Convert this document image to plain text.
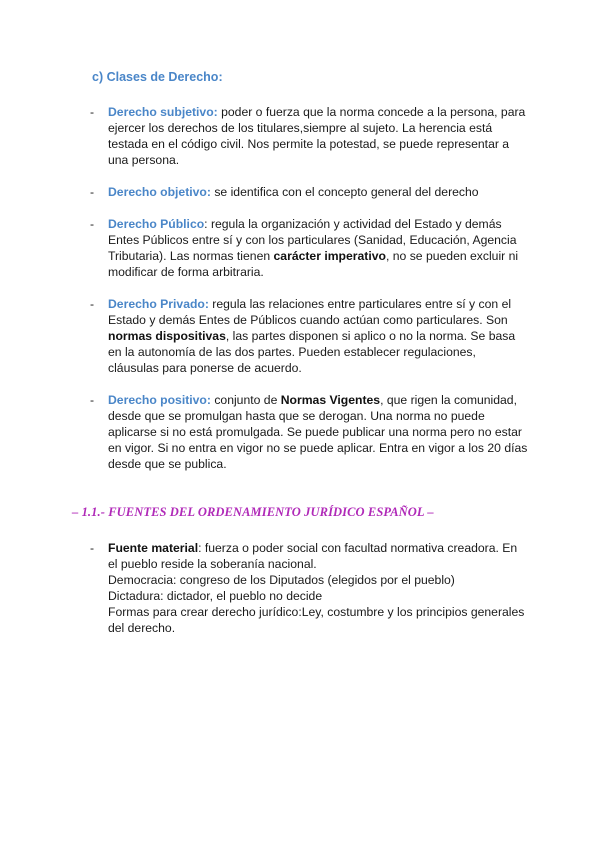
c) Clases de Derecho:
- Derecho subjetivo: poder o fuerza que la norma concede a la persona, para ejercer los derechos de los titulares,siempre al sujeto. La herencia está testada en el código civil. Nos permite la potestad, se puede representar a una persona.
- Derecho objetivo: se identifica con el concepto general del derecho
- Derecho Público: regula la organización y actividad del Estado y demás Entes Públicos entre sí y con los particulares (Sanidad, Educación, Agencia Tributaria). Las normas tienen carácter imperativo, no se pueden excluir ni modificar de forma arbitraria.
- Derecho Privado: regula las relaciones entre particulares entre sí y con el Estado y demás Entes de Públicos cuando actúan como particulares. Son normas dispositivas, las partes disponen si aplico o no la norma. Se basa en la autonomía de las dos partes. Pueden establecer regulaciones, cláusulas para ponerse de acuerdo.
- Derecho positivo: conjunto de Normas Vigentes, que rigen la comunidad, desde que se promulgan hasta que se derogan. Una norma no puede aplicarse si no está promulgada. Se puede publicar una norma pero no estar en vigor. Si no entra en vigor no se puede aplicar. Entra en vigor a los 20 días desde que se publica.
– 1.1.- FUENTES DEL ORDENAMIENTO JURÍDICO ESPAÑOL –
- Fuente material: fuerza o poder social con facultad normativa creadora. En el pueblo reside la soberanía nacional.
Democracia: congreso de los Diputados (elegidos por el pueblo)
Dictadura: dictador, el pueblo no decide
Formas para crear derecho jurídico:Ley, costumbre y los principios generales del derecho.
